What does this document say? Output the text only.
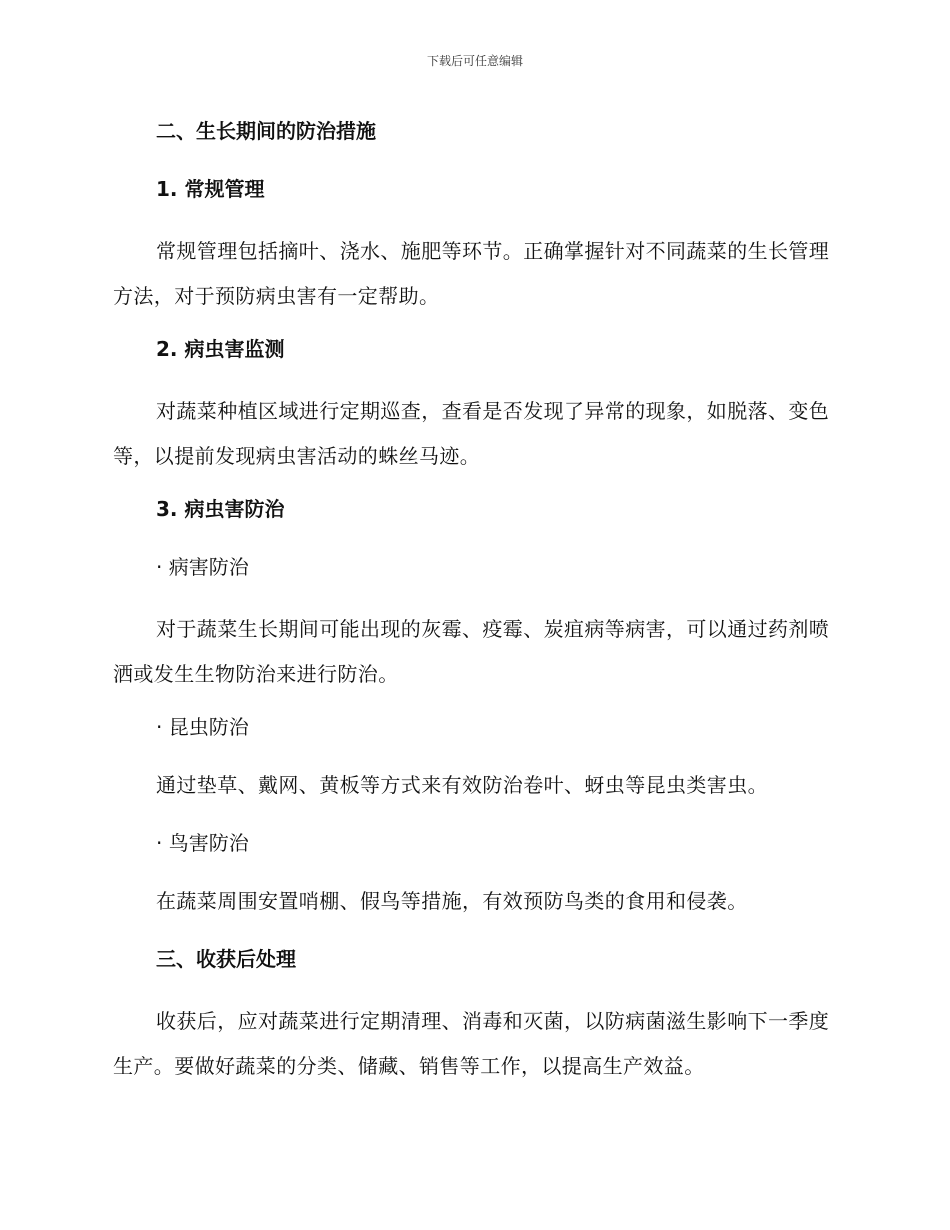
下载后可任意编辑
二、生长期间的防治措施
1. 常规管理

常规管理包括摘叶、浇水、施肥等环节。正确掌握针对不同蔬菜的生长管理方法，对于预防病虫害有一定帮助。

2. 病虫害监测

对蔬菜种植区域进行定期巡查，查看是否发现了异常的现象，如脱落、变色等，以提前发现病虫害活动的蛛丝马迹。

3. 病虫害防治
· 病害防治

对于蔬菜生长期间可能出现的灰霉、疫霉、炭疽病等病害，可以通过药剂喷洒或发生生物防治来进行防治。

· 昆虫防治
通过垫草、戴网、黄板等方式来有效防治卷叶、蚜虫等昆虫类害虫。
· 鸟害防治
在蔬菜周围安置哨棚、假鸟等措施，有效预防鸟类的食用和侵袭。
三、收获后处理

收获后，应对蔬菜进行定期清理、消毒和灭菌，以防病菌滋生影响下一季度生产。要做好蔬菜的分类、储藏、销售等工作，以提高生产效益。
